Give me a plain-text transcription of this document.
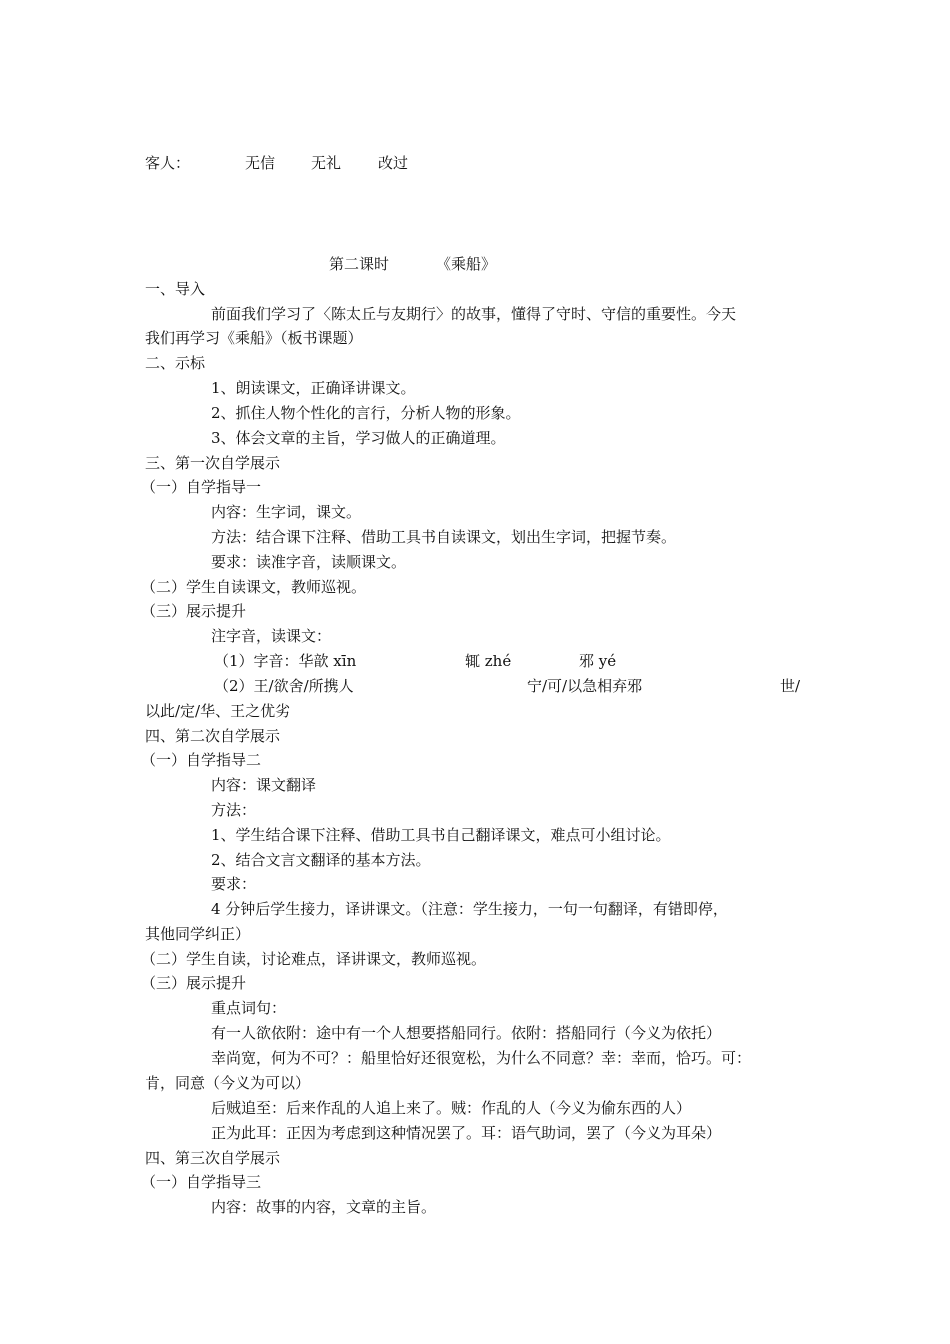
客人：	无信 无礼 改过
第二课时	《乘船》
一、导入
前面我们学习了〈陈太丘与友期行〉的故事，懂得了守时、守信的重要性。今天
我们再学习《乘船》（板书课题）
二、示标
1、朗读课文，正确译讲课文。
2、抓住人物个性化的言行，分析人物的形象。
3、体会文章的主旨，学习做人的正确道理。
三、第一次自学展示
（一）自学指导一
内容：生字词，课文。
方法：结合课下注释、借助工具书自读课文，划出生字词，把握节奏。
要求：读准字音，读顺课文。
（二）学生自读课文，教师巡视。
（三）展示提升
注字音，读课文：
（1）字音：华歆 xīn	辄 zhé	邪 yé
（2）王/欲舍/所携人	宁/可/以急相弃邪	世/
以此/定/华、王之优劣
四、第二次自学展示
（一）自学指导二
内容：课文翻译
方法：
1、学生结合课下注释、借助工具书自己翻译课文，难点可小组讨论。
2、结合文言文翻译的基本方法。
要求：
4 分钟后学生接力，译讲课文。（注意：学生接力，一句一句翻译，有错即停，
其他同学纠正）
（二）学生自读，讨论难点，译讲课文，教师巡视。
（三）展示提升
重点词句：
有一人欲依附：途中有一个人想要搭船同行。依附：搭船同行（今义为依托）
幸尚宽，何为不可？：船里恰好还很宽松，为什么不同意？幸：幸而，恰巧。可：
肯，同意（今义为可以）
后贼追至：后来作乱的人追上来了。贼：作乱的人（今义为偷东西的人）
正为此耳：正因为考虑到这种情况罢了。耳：语气助词，罢了（今义为耳朵）
四、第三次自学展示
（一）自学指导三
内容：故事的内容，文章的主旨。
